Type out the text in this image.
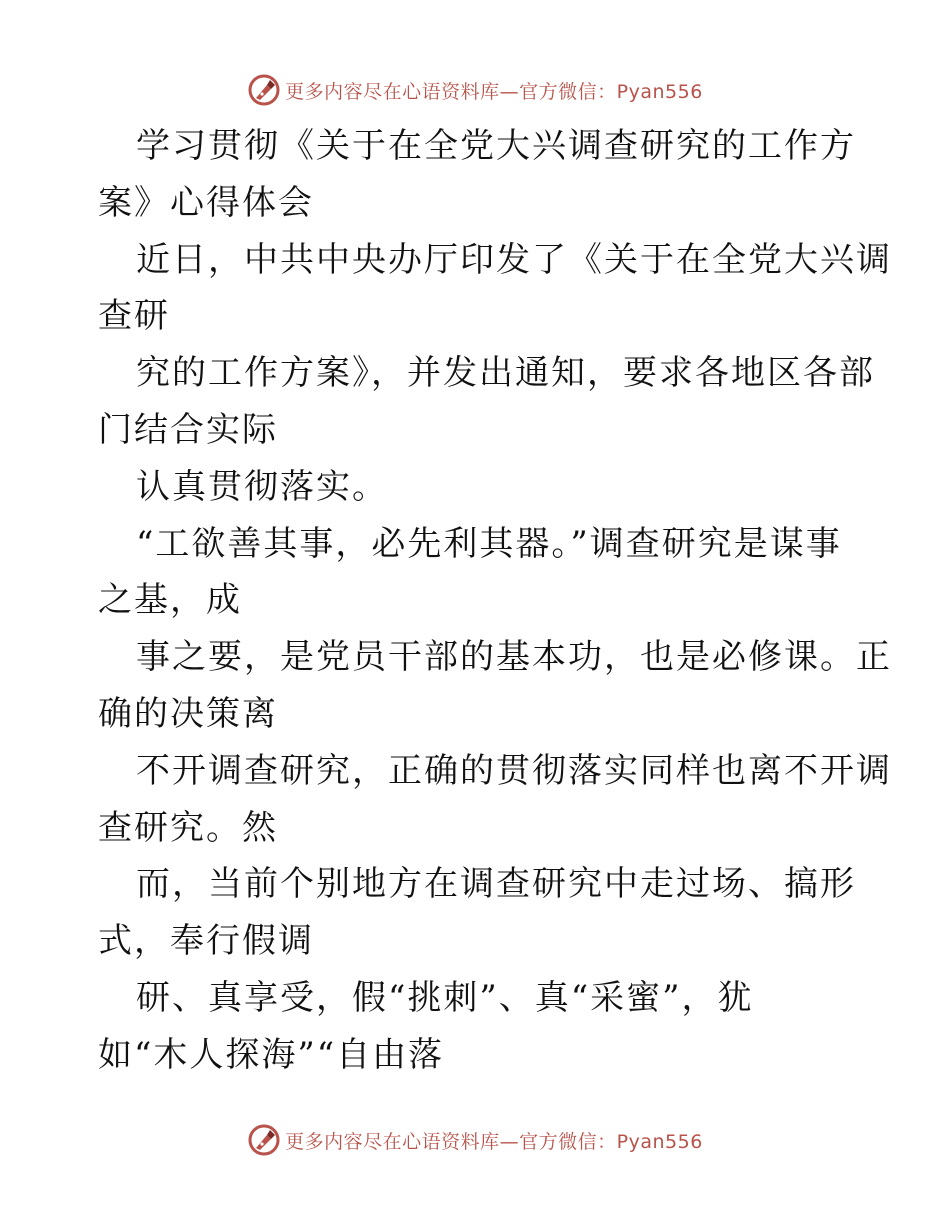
更多内容尽在心语资料库—官方微信：Pyan556
学习贯彻《关于在全党大兴调查研究的工作方
案》心得体会
近日，中共中央办厅印发了《关于在全党大兴调
查研
究的工作方案》，并发出通知，要求各地区各部
门结合实际
认真贯彻落实。
“工欲善其事，必先利其器。”调查研究是谋事
之基，成
事之要，是党员干部的基本功，也是必修课。正
确的决策离
不开调查研究，正确的贯彻落实同样也离不开调
查研究。然
而，当前个别地方在调查研究中走过场、搞形
式，奉行假调
研、真享受，假“挑刺”、真“采蜜”，犹
如“木人探海”“自由落
更多内容尽在心语资料库—官方微信：Pyan556
